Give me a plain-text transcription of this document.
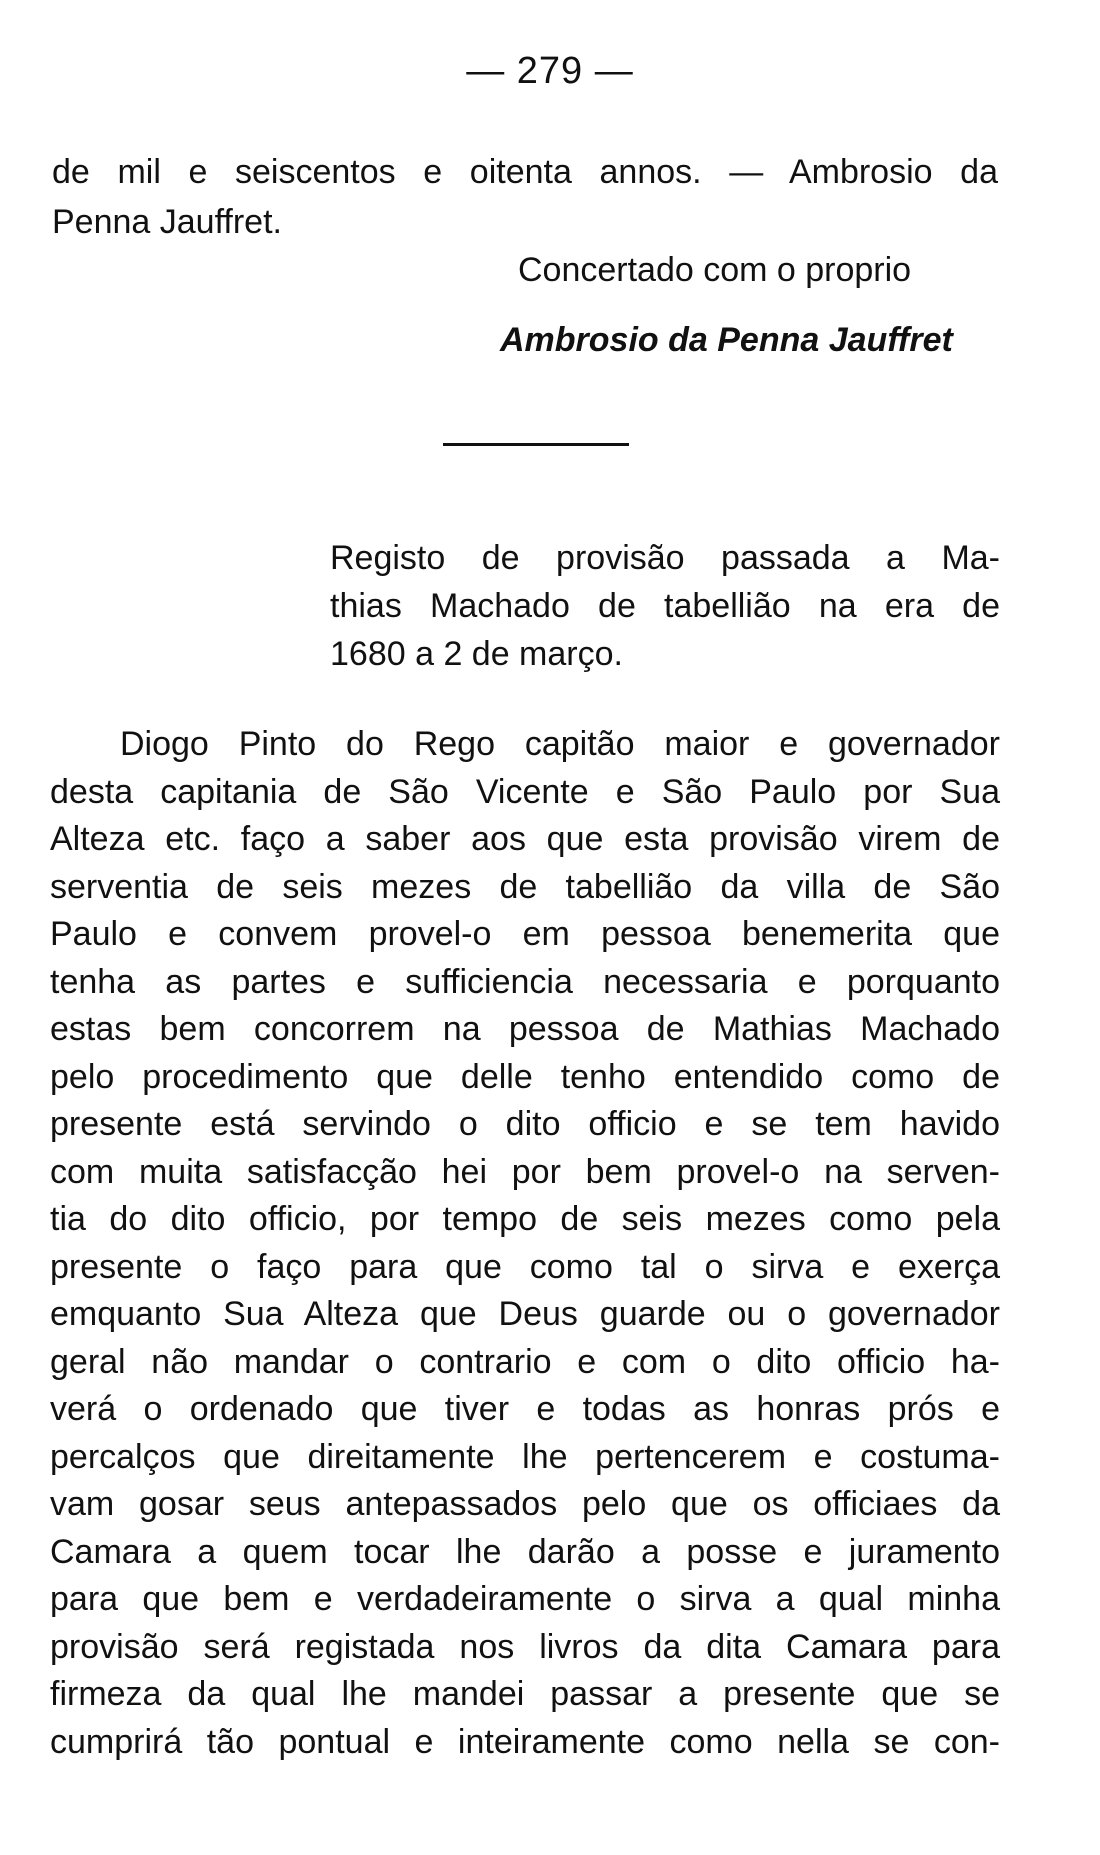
— 279 —
de mil e seiscentos e oitenta annos. — Ambrosio da
Penna Jauffret.
Concertado com o proprio
Ambrosio da Penna Jauffret
Registo de provisão passada a Ma-
thias Machado de tabellião na era de
1680 a 2 de março.
Diogo Pinto do Rego capitão maior e governador
desta capitania de São Vicente e São Paulo por Sua
Alteza etc. faço a saber aos que esta provisão virem de
serventia de seis mezes de tabellião da villa de São
Paulo e convem provel-o em pessoa benemerita que
tenha as partes e sufficiencia necessaria e porquanto
estas bem concorrem na pessoa de Mathias Machado
pelo procedimento que delle tenho entendido como de
presente está servindo o dito officio e se tem havido
com muita satisfacção hei por bem provel-o na serven-
tia do dito officio, por tempo de seis mezes como pela
presente o faço para que como tal o sirva e exerça
emquanto Sua Alteza que Deus guarde ou o governador
geral não mandar o contrario e com o dito officio ha-
verá o ordenado que tiver e todas as honras prós e
percalços que direitamente lhe pertencerem e costuma-
vam gosar seus antepassados pelo que os officiaes da
Camara a quem tocar lhe darão a posse e juramento
para que bem e verdadeiramente o sirva a qual minha
provisão será registada nos livros da dita Camara para
firmeza da qual lhe mandei passar a presente que se
cumprirá tão pontual e inteiramente como nella se con-
